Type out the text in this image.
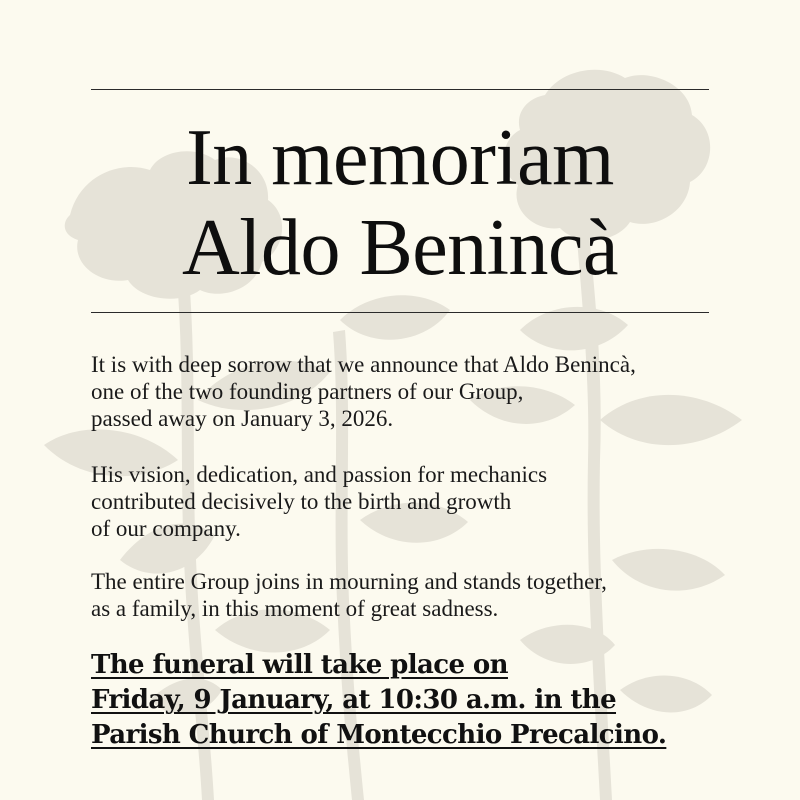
In memoriam
Aldo Benincà
It is with deep sorrow that we announce that Aldo Benincà,
one of the two founding partners of our Group,
passed away on January 3, 2026.
His vision, dedication, and passion for mechanics
contributed decisively to the birth and growth
of our company.
The entire Group joins in mourning and stands together,
as a family, in this moment of great sadness.
The funeral will take place on
Friday, 9 January, at 10:30 a.m. in the
Parish Church of Montecchio Precalcino.
